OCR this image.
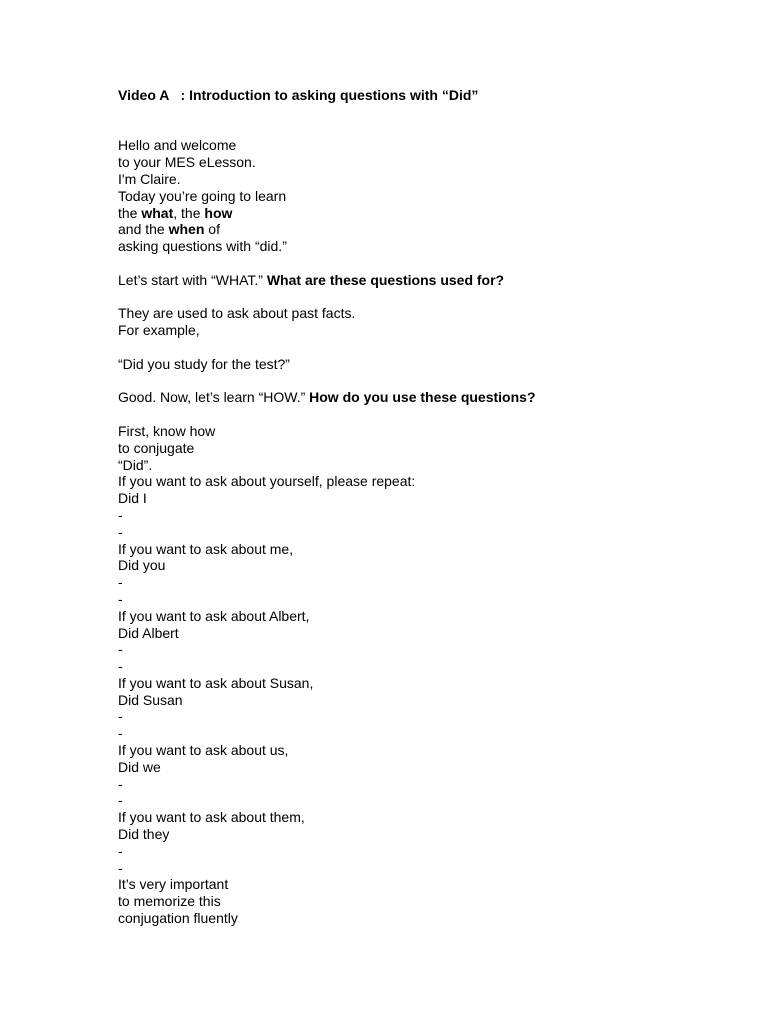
Video A   : Introduction to asking questions with “Did”

Hello and welcome

to your MES eLesson.

I'm Claire.

Today you’re going to learn

the what, the how

and the when of

asking questions with “did.”

Let’s start with “WHAT.” What are these questions used for?

They are used to ask about past facts.

For example,

“Did you study for the test?”

Good. Now, let’s learn “HOW.” How do you use these questions?

First, know how

to conjugate

“Did”.

If you want to ask about yourself, please repeat:

Did I

-

-

If you want to ask about me,

Did you

-

-

If you want to ask about Albert,

Did Albert

-

-

If you want to ask about Susan,

Did Susan

-

-

If you want to ask about us,

Did we

-

-

If you want to ask about them,

Did they

-

-

It’s very important

to memorize this

conjugation fluently
